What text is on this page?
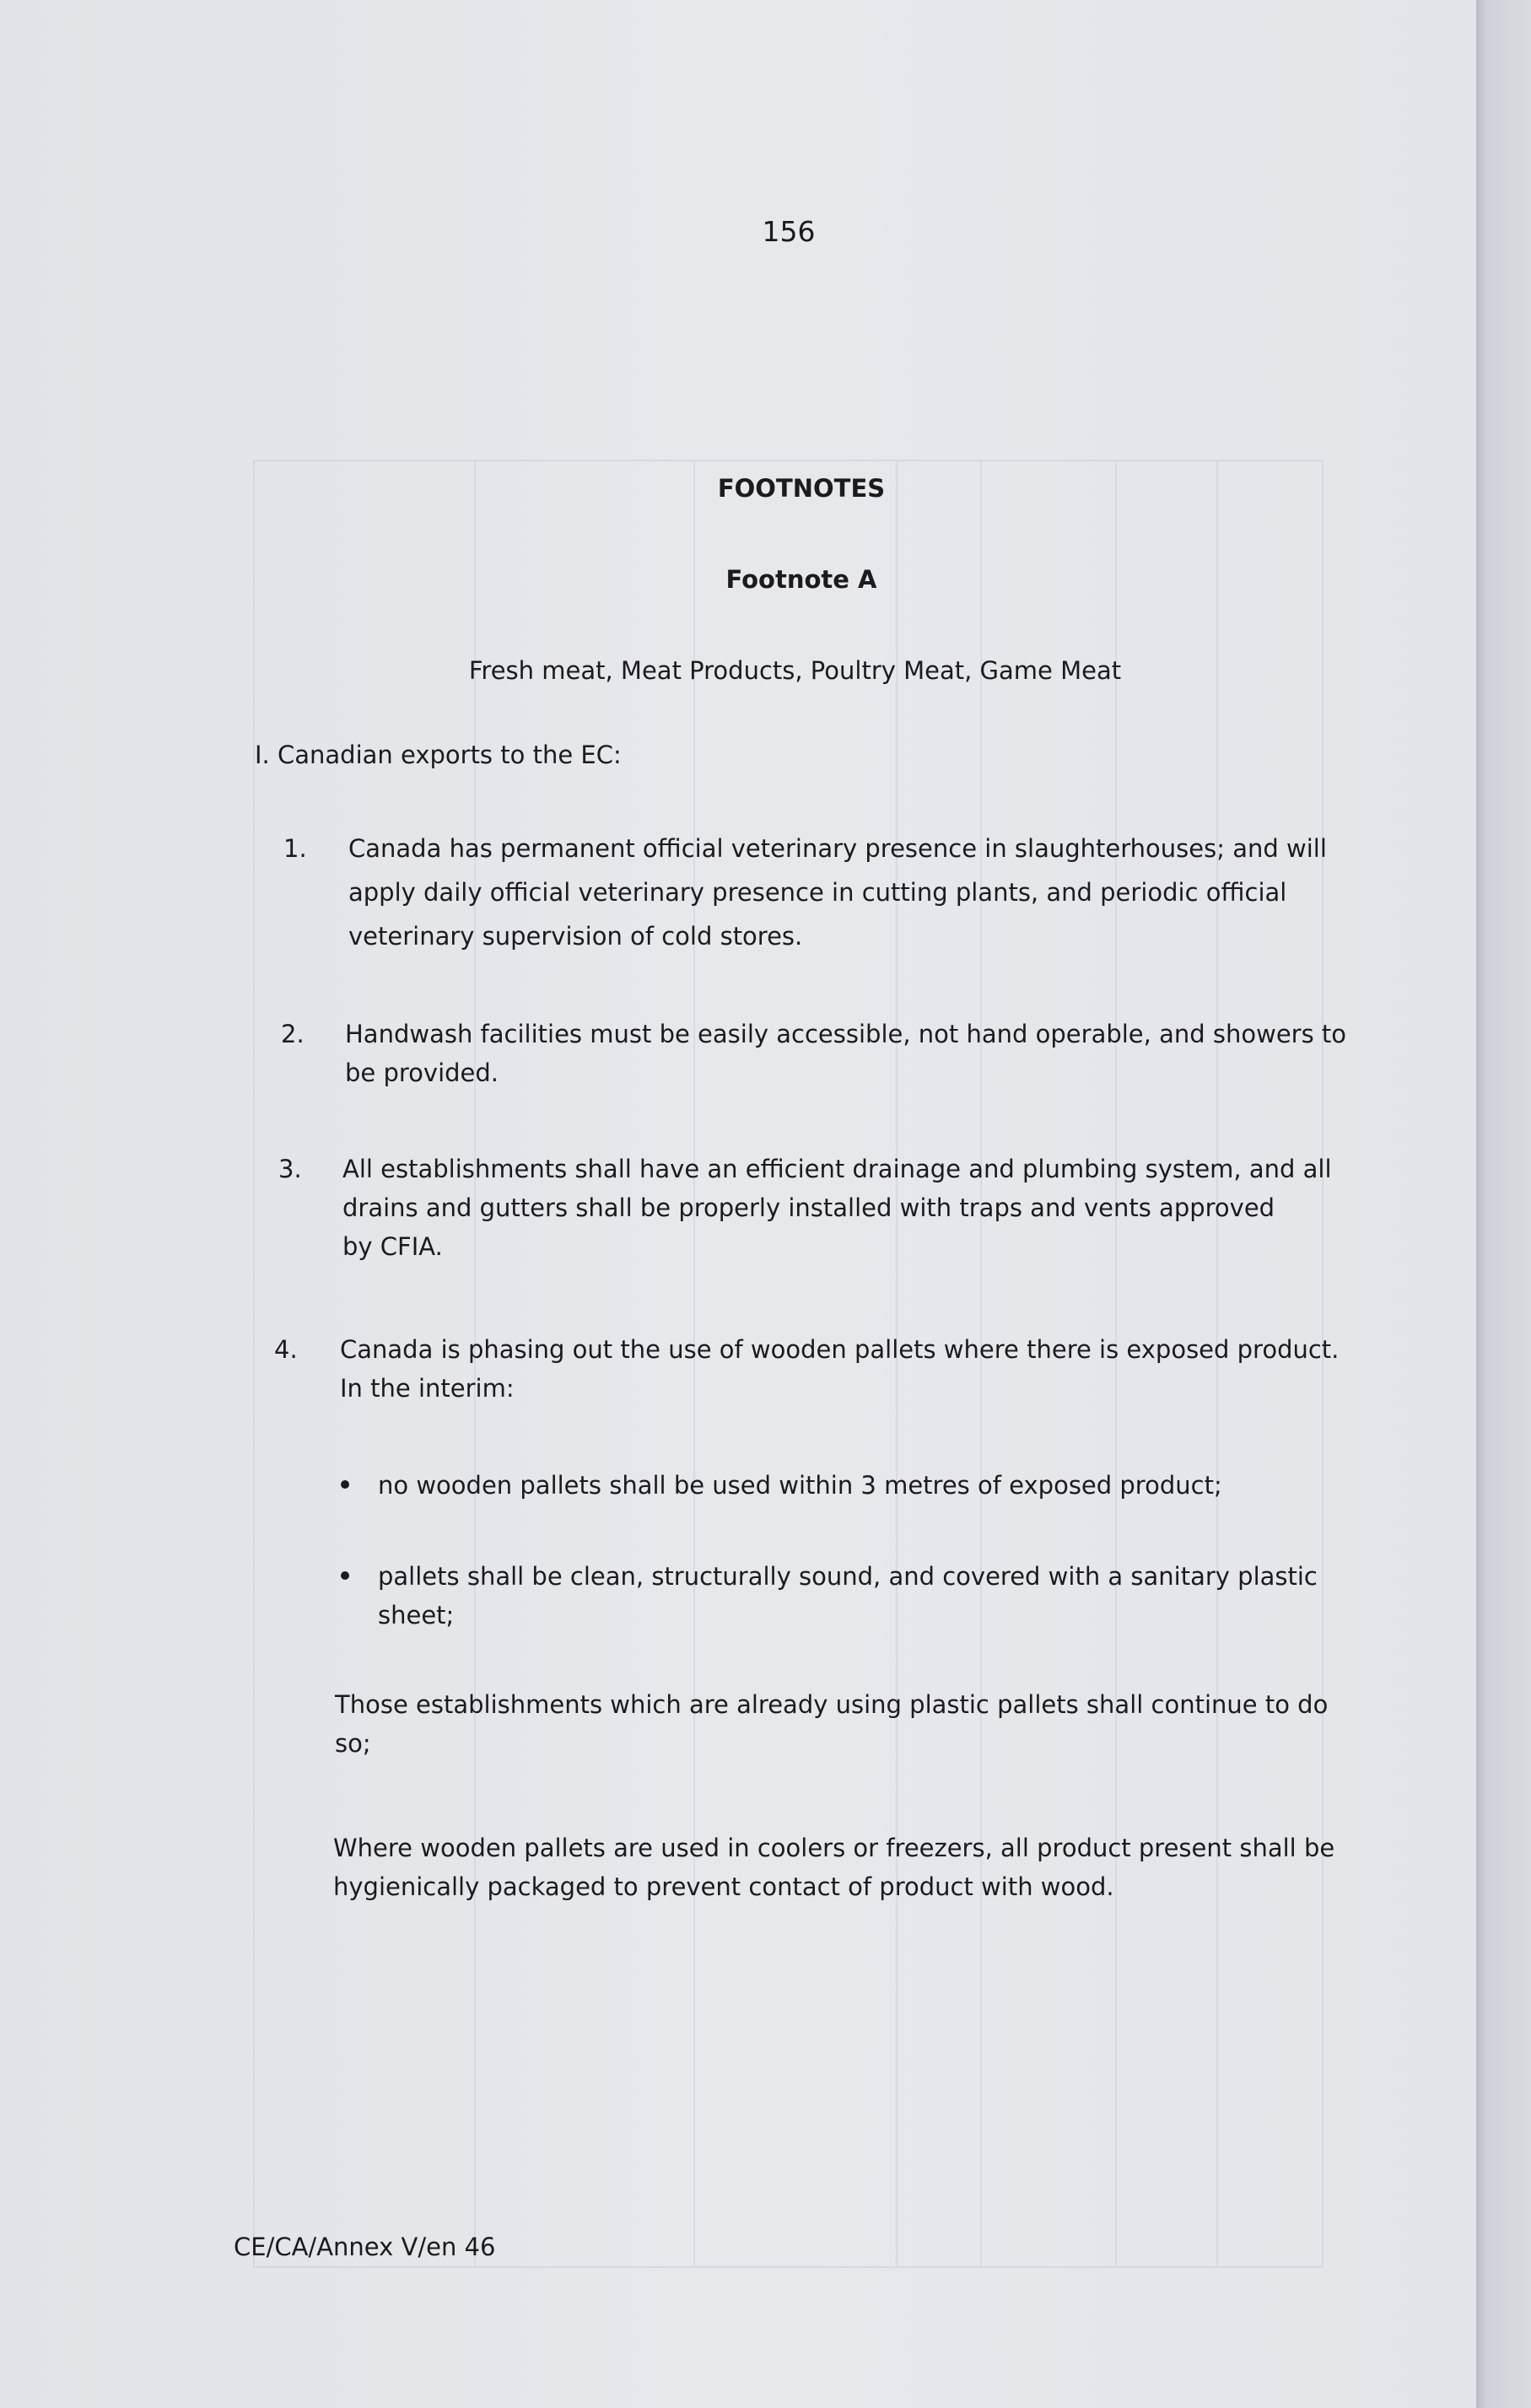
156
FOOTNOTES
Footnote A
Fresh meat, Meat Products, Poultry Meat, Game Meat
I. Canadian exports to the EC:
1. Canada has permanent official veterinary presence in slaughterhouses; and will
apply daily official veterinary presence in cutting plants, and periodic official
veterinary supervision of cold stores.
2. Handwash facilities must be easily accessible, not hand operable, and showers to
be provided.
3. All establishments shall have an efficient drainage and plumbing system, and all
drains and gutters shall be properly installed with traps and vents approved
by CFIA.
4. Canada is phasing out the use of wooden pallets where there is exposed product.
In the interim:
no wooden pallets shall be used within 3 metres of exposed product;
pallets shall be clean, structurally sound, and covered with a sanitary plastic
sheet;
Those establishments which are already using plastic pallets shall continue to do
so;
Where wooden pallets are used in coolers or freezers, all product present shall be
hygienically packaged to prevent contact of product with wood.
CE/CA/Annex V/en 46
